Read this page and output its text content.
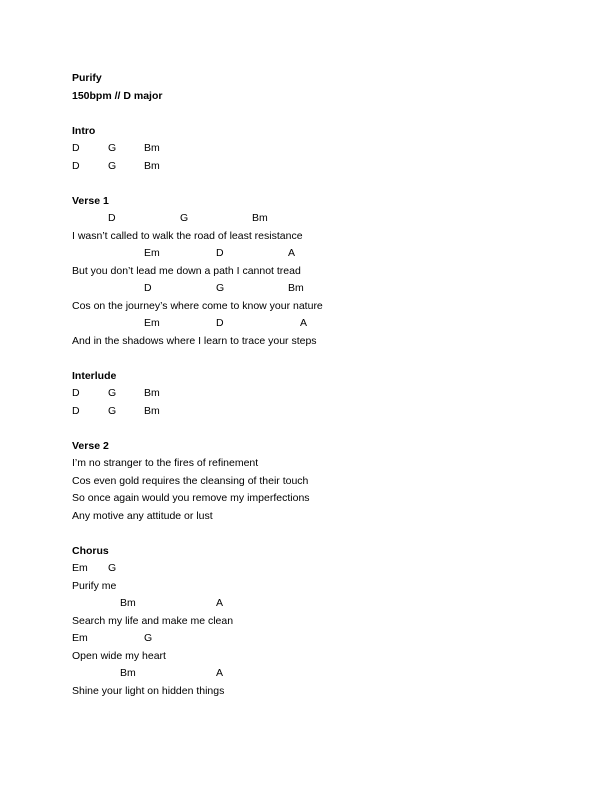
Purify
150bpm // D major
Intro

D

	G

	Bm

D

	G

	Bm

Verse 1

D

	G

	Bm

I wasn’t called to walk the road of least resistance

Em

	D

	A

But you don’t lead me down a path I cannot tread

D

	G

	Bm

Cos on the journey’s where come to know your nature

Em

	D

	A

And in the shadows where I learn to trace your steps
Interlude

D

	G

	Bm

D

	G

	Bm

Verse 2
I’m no stranger to the fires of refinement
Cos even gold requires the cleansing of their touch
So once again would you remove my imperfections
Any motive any attitude or lust
Chorus

Em

G

Purify me

Bm

	A

Search my life and make me clean

Em

	G

Open wide my heart

Bm

	A

Shine your light on hidden things
